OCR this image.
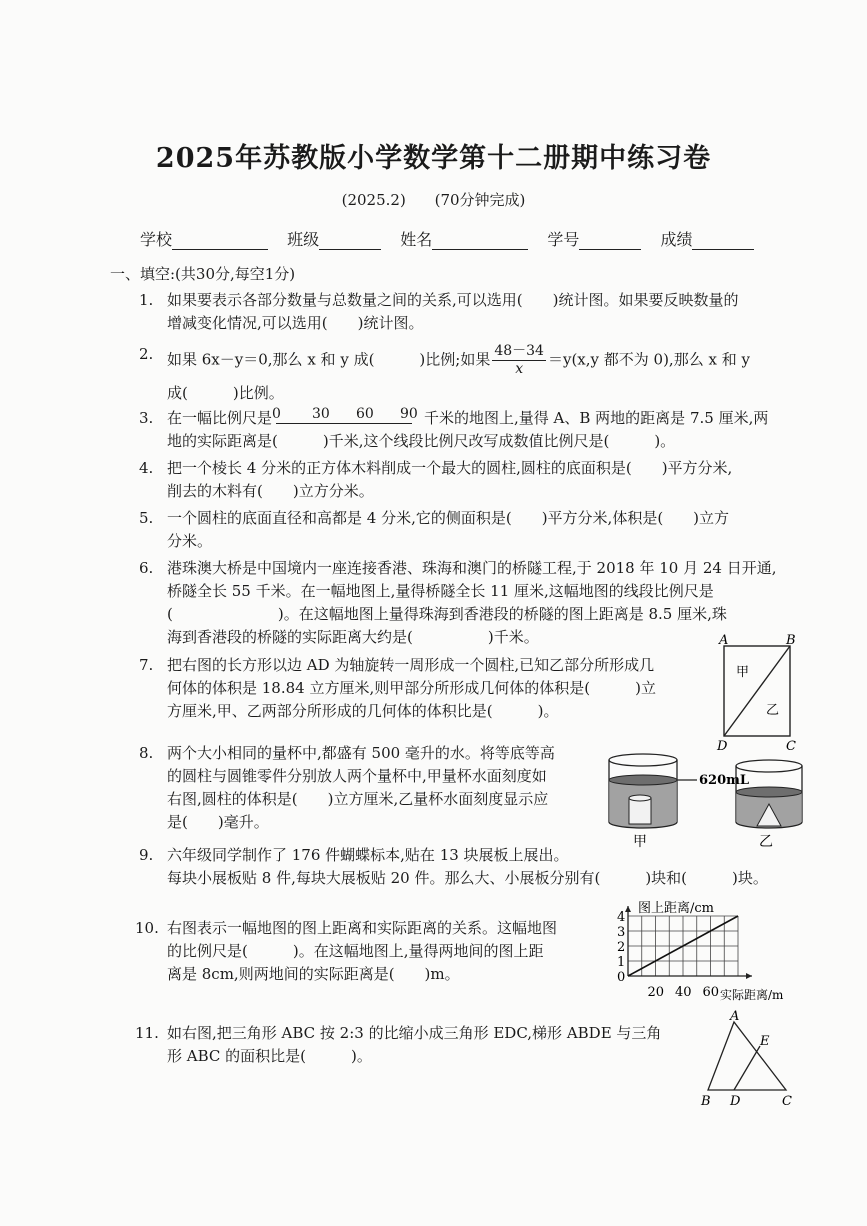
2025年苏教版小学数学第十二册期中练习卷
(2025.2) (70分钟完成)
学校	班级	姓名	学号	成绩
一、填空:(共30分,每空1分)
1. 如果要表示各部分数量与总数量之间的关系,可以选用(　　)统计图。如果要反映数量的
增减变化情况,可以选用(　　)统计图。
2. 如果 6x－y＝0,那么 x 和 y 成(　　　)比例;如果 $\frac{48-34}{x} =y(x,y$ 都不为 0),那么 x 和 y
成(　　　)比例。
3. 在一幅比例尺是 0 30 60 90 千米的地图上,量得 A、B 两地的距离是 7.5 厘米,两
地的实际距离是(　　　)千米,这个线段比例尺改写成数值比例尺是(　　　)。
4. 把一个棱长 4 分米的正方体木料削成一个最大的圆柱,圆柱的底面积是(　　)平方分米,
削去的木料有(　　)立方分米。
5. 一个圆柱的底面直径和高都是 4 分米,它的侧面积是(　　)平方分米,体积是(　　)立方
分米。
6. 港珠澳大桥是中国境内一座连接香港、珠海和澳门的桥隧工程,于 2018 年 10 月 24 日开通,
桥隧全长 55 千米。在一幅地图上,量得桥隧全长 11 厘米,这幅地图的线段比例尺是
(　　　　　　　)。在这幅地图上量得珠海到香港段的桥隧的图上距离是 8.5 厘米,珠
海到香港段的桥隧的实际距离大约是(　　　　　)千米。
7. 把右图的长方形以边 AD 为轴旋转一周形成一个圆柱,已知乙部分所形成几
何体的体积是 18.84 立方厘米,则甲部分所形成几何体的体积是(　　　)立
方厘米,甲、乙两部分所形成的几何体的体积比是(　　　)。
A	B
C
D
甲
乙
8. 两个大小相同的量杯中,都盛有 500 毫升的水。将等底等高
的圆柱与圆锥零件分别放人两个量杯中,甲量杯水面刻度如
右图,圆柱的体积是(　　)立方厘米,乙量杯水面刻度显示应
是(　　)毫升。
620mL
甲	乙
9. 六年级同学制作了 176 件蝴蝶标本,贴在 13 块展板上展出。
每块小展板贴 8 件,每块大展板贴 20 件。那么大、小展板分别有(　　　)块和(　　　)块。
10. 右图表示一幅地图的图上距离和实际距离的关系。这幅地图
的比例尺是(　　　)。在这幅地图上,量得两地间的图上距
离是 8cm,则两地间的实际距离是(　　)m。
图上距离/cm
实际距离/m
4
3
2
1
0
20 40 60
11. 如右图,把三角形 ABC 按 2:3 的比缩小成三角形 EDC,梯形 ABDE 与三角
形 ABC 的面积比是(　　　)。
A
B D	C
E
